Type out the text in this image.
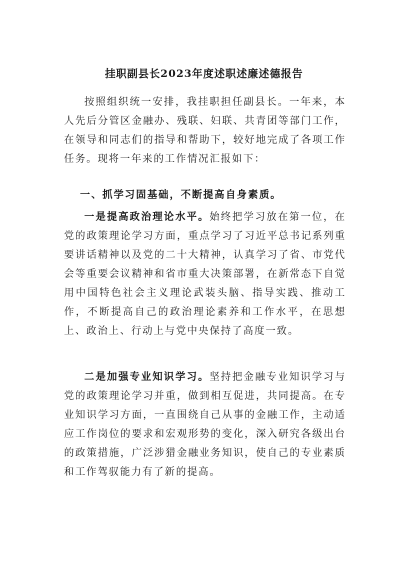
挂职副县长2023年度述职述廉述德报告

按照组织统一安排，我挂职担任副县长。一年来，本人先后分管区金融办、残联、妇联、共青团等部门工作，在领导和同志们的指导和帮助下，较好地完成了各项工作任务。现将一年来的工作情况汇报如下：

一、抓学习固基础，不断提高自身素质。

一是提高政治理论水平。始终把学习放在第一位，在党的政策理论学习方面，重点学习了习近平总书记系列重要讲话精神以及党的二十大精神，认真学习了省、市党代会等重要会议精神和省市重大决策部署，在新常态下自觉用中国特色社会主义理论武装头脑、指导实践、推动工作，不断提高自己的政治理论素养和工作水平，在思想上、政治上、行动上与党中央保持了高度一致。

二是加强专业知识学习。坚持把金融专业知识学习与党的政策理论学习并重，做到相互促进，共同提高。在专业知识学习方面，一直围绕自己从事的金融工作，主动适应工作岗位的要求和宏观形势的变化，深入研究各级出台的政策措施，广泛涉猎金融业务知识，使自己的专业素质和工作驾驭能力有了新的提高。
